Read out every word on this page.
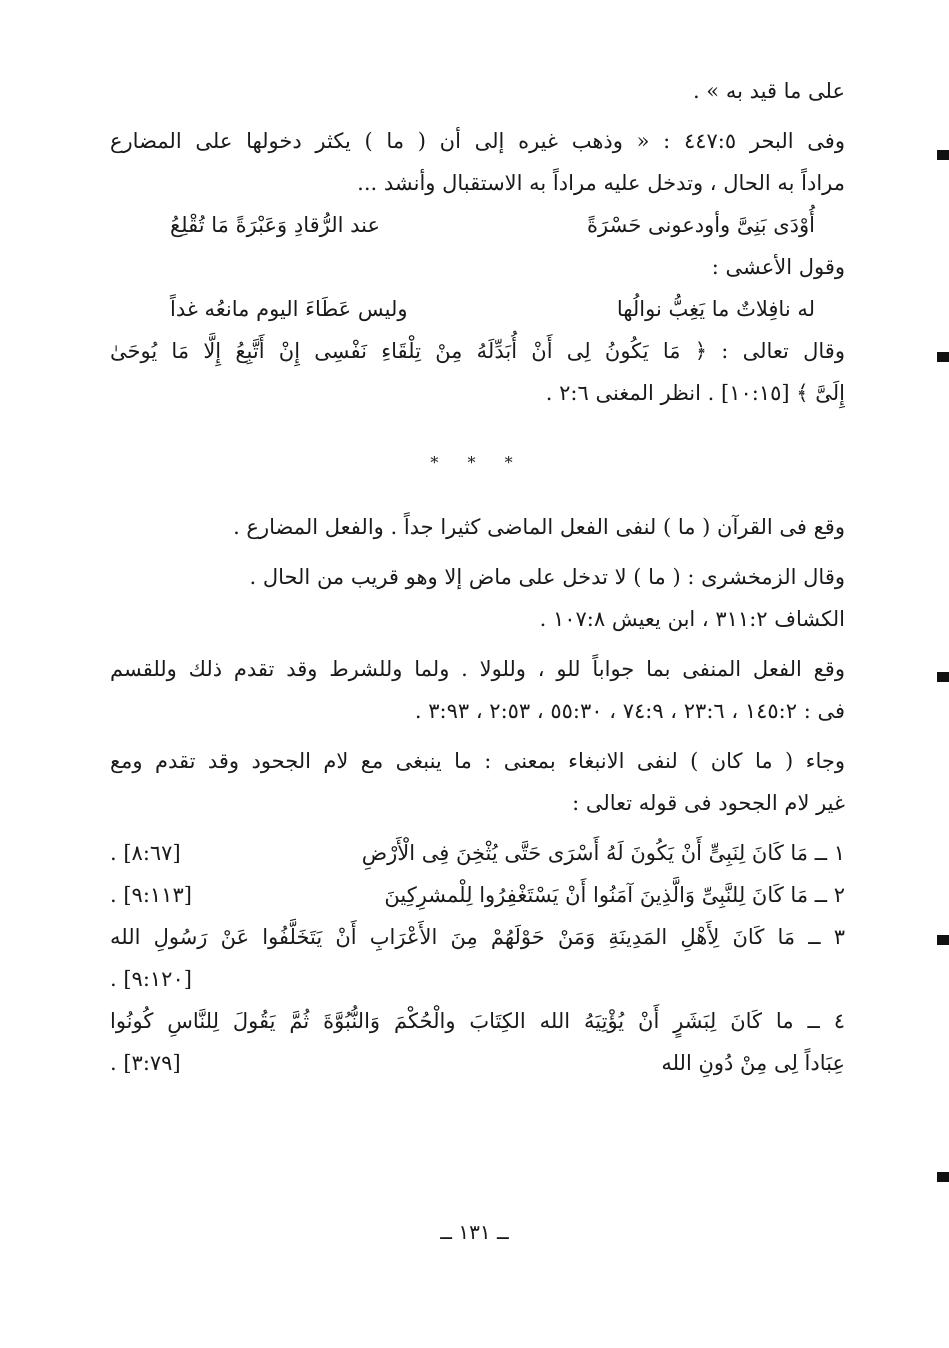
على ما قيد به » .
وفى البحر ٤٤٧:٥ : « وذهب غيره إلى أن ( ما ) يكثر دخولها على المضارع
مراداً به الحال ، وتدخل عليه مراداً به الاستقبال وأنشد ...
أُوْدَى بَنِىَّ وأودعونى حَسْرَةً
عند الرُّقادِ وَعَبْرَةً مَا تُقْلِعُ
وقول الأعشى :
له نافِلاتٌ ما يَغِبُّ نوالُها
وليس عَطَاءَ اليوم مانعُه غداً
وقال تعالى : ﴿ مَا يَكُونُ لِى أَنْ أُبَدِّلَهُ مِنْ تِلْقَاءِ نَفْسِى إِنْ أَتَّبِعُ إِلَّا مَا يُوحَىٰ
إِلَىَّ ﴾ [١٠:١٥] . انظر المغنى ٢:٦ .
* * *
وقع فى القرآن ( ما ) لنفى الفعل الماضى كثيرا جداً . والفعل المضارع .
وقال الزمخشرى : ( ما ) لا تدخل على ماض إلا وهو قريب من الحال .
الكشاف ٣١١:٢ ، ابن يعيش ١٠٧:٨ .
وقع الفعل المنفى بما جواباً للو ، وللولا . ولما وللشرط وقد تقدم ذلك وللقسم
فى : ١٤٥:٢ ، ٢٣:٦ ، ٧٤:٩ ، ٥٥:٣٠ ، ٢:٥٣ ، ٣:٩٣ .
وجاء ( ما كان ) لنفى الانبغاء بمعنى : ما ينبغى مع لام الجحود وقد تقدم ومع
غير لام الجحود فى قوله تعالى :
١ ــ مَا كَانَ لِنَبِىٍّ أَنْ يَكُونَ لَهُ أَسْرَى حَتَّى يُثْخِنَ فِى الْأَرْضِ
. [٨:٦٧]
٢ ــ مَا كَانَ لِلنَّبِىِّ وَالَّذِينَ آمَنُوا أَنْ يَسْتَغْفِرُوا لِلْمشرِكِينَ
. [٩:١١٣]
٣ ــ مَا كَانَ لِأَهْلِ المَدِينَةِ وَمَنْ حَوْلَهُمْ مِنَ الأَعْرَابِ أَنْ يَتَخَلَّفُوا عَنْ رَسُولِ الله
. [٩:١٢٠]
٤ ــ ما كَانَ لِبَشَرٍ أَنْ يُؤْتِيَهُ الله الكِتَابَ والْحُكْمَ وَالنُّبُوَّةَ ثُمَّ يَقُولَ لِلنَّاسِ كُونُوا
عِبَاداً لِى مِنْ دُونِ الله
. [٣:٧٩]
ــ ١٣١ ــ
